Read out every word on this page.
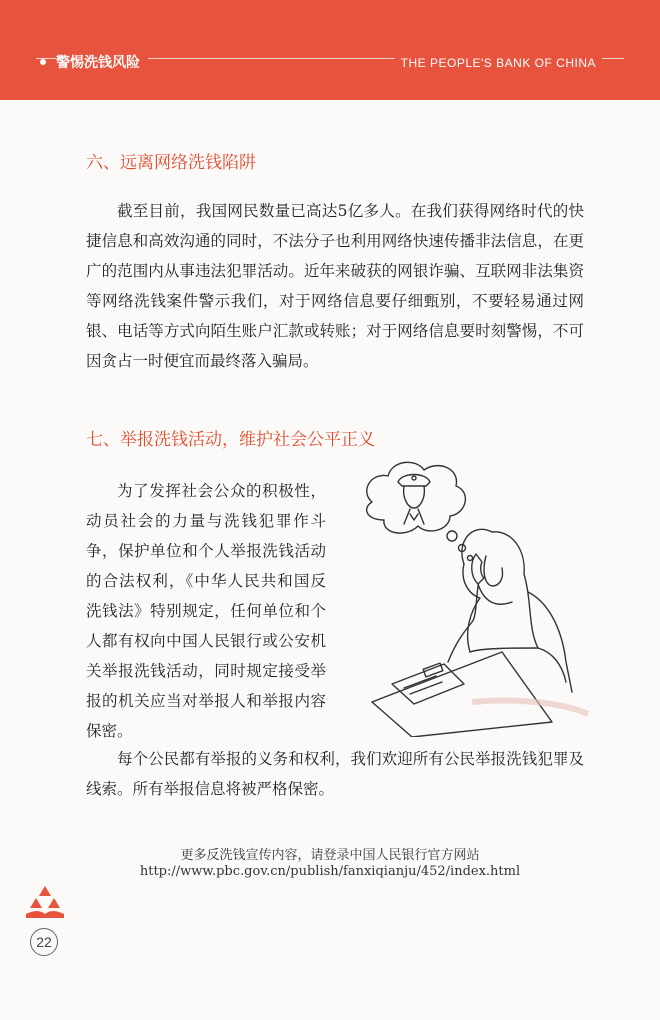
警惕洗钱风险	THE PEOPLE'S BANK OF CHINA
六、远离网络洗钱陷阱

截至目前，我国网民数量已高达5亿多人。在我们获得网络时代的快捷信息和高效沟通的同时，不法分子也利用网络快速传播非法信息，在更广的范围内从事违法犯罪活动。近年来破获的网银诈骗、互联网非法集资等网络洗钱案件警示我们，对于网络信息要仔细甄别，不要轻易通过网银、电话等方式向陌生账户汇款或转账；对于网络信息要时刻警惕，不可因贪占一时便宜而最终落入骗局。

七、举报洗钱活动，维护社会公平正义

为了发挥社会公众的积极性，动员社会的力量与洗钱犯罪作斗争，保护单位和个人举报洗钱活动的合法权利，《中华人民共和国反洗钱法》特别规定，任何单位和个人都有权向中国人民银行或公安机关举报洗钱活动，同时规定接受举报的机关应当对举报人和举报内容保密。

每个公民都有举报的义务和权利，我们欢迎所有公民举报洗钱犯罪及线索。所有举报信息将被严格保密。

更多反洗钱宣传内容，请登录中国人民银行官方网站
http://www.pbc.gov.cn/publish/fanxiqianju/452/index.html
22
